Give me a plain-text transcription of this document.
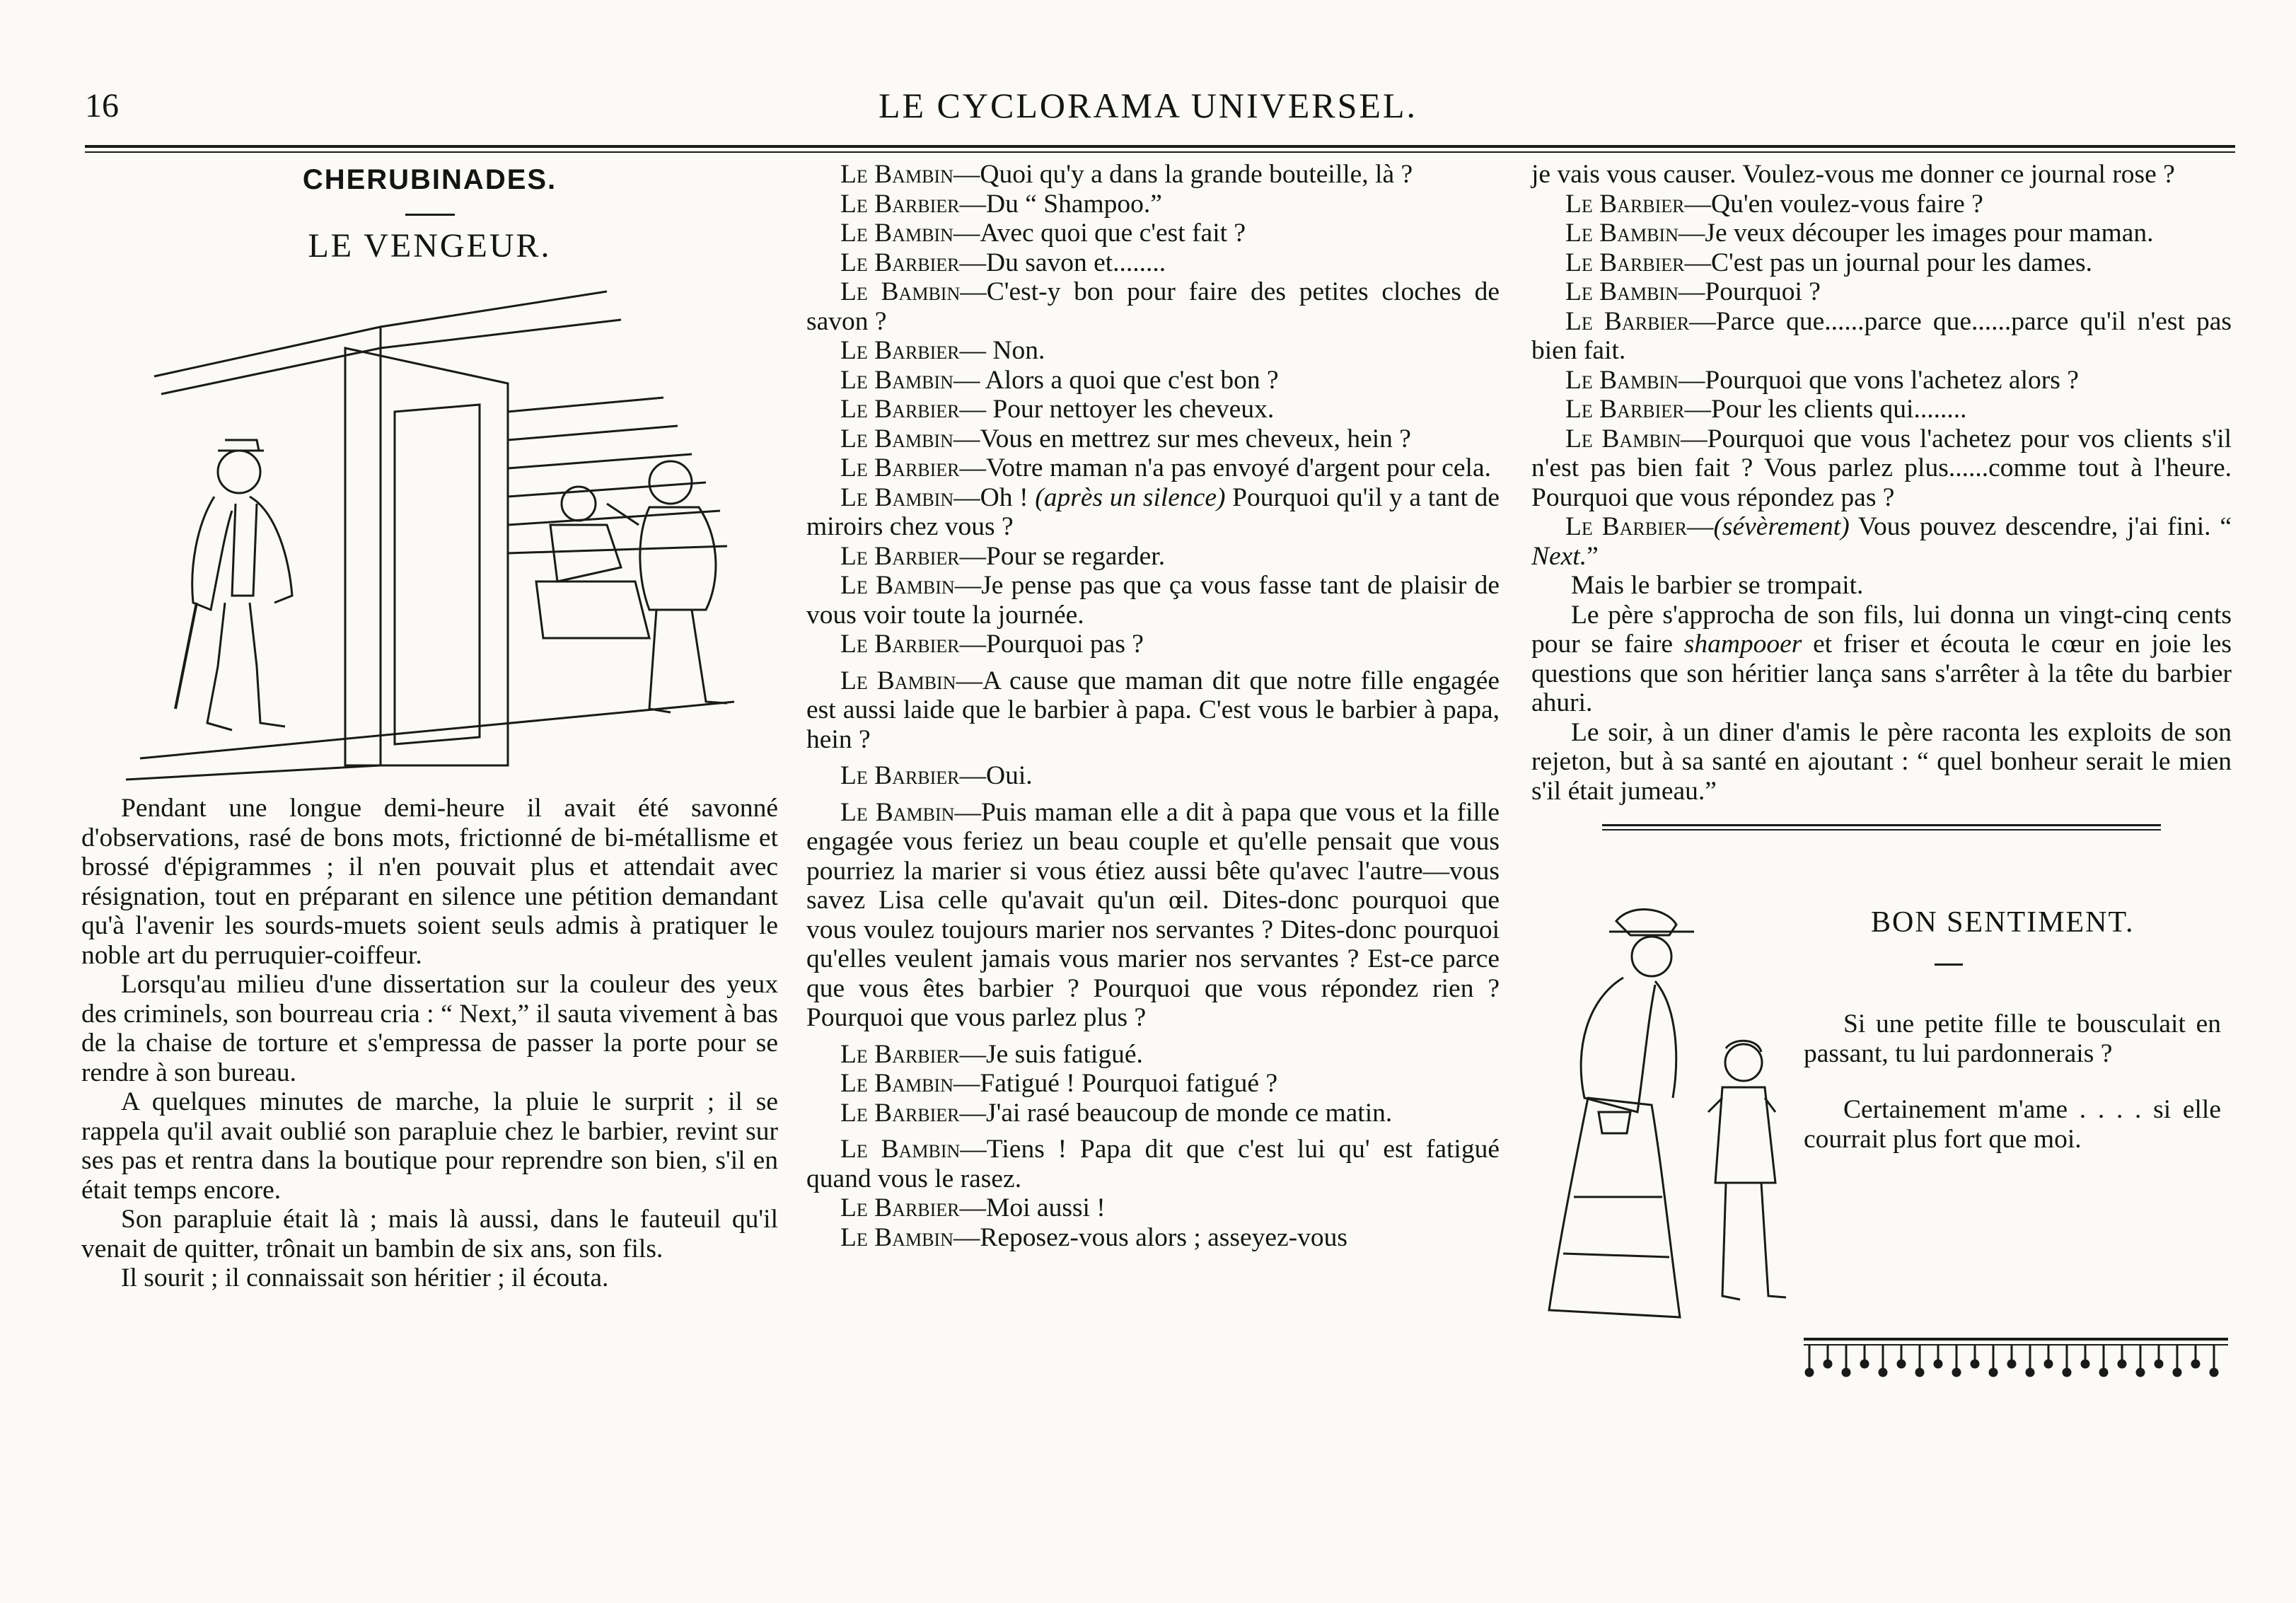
16	LE CYCLORAMA UNIVERSEL.
CHERUBINADES.
LE VENGEUR.

Pendant une longue demi-heure il avait été savonné d'observations, rasé de bons mots, frictionné de bi-métallisme et brossé d'épigrammes ; il n'en pouvait plus et attendait avec résignation, tout en préparant en silence une pétition demandant qu'à l'avenir les sourds-muets soient seuls admis à pratiquer le noble art du perruquier-coiffeur.

Lorsqu'au milieu d'une dissertation sur la couleur des yeux des criminels, son bourreau cria : “ Next,” il sauta vivement à bas de la chaise de torture et s'empressa de passer la porte pour se rendre à son bureau.

A quelques minutes de marche, la pluie le surprit ; il se rappela qu'il avait oublié son parapluie chez le barbier, revint sur ses pas et rentra dans la boutique pour reprendre son bien, s'il en était temps encore.

Son parapluie était là ; mais là aussi, dans le fauteuil qu'il venait de quitter, trônait un bambin de six ans, son fils.

Il sourit ; il connaissait son héritier ; il écouta.

Le Bambin—Quoi qu'y a dans la grande bouteille, là ?

Le Barbier—Du “ Shampoo.”

Le Bambin—Avec quoi que c'est fait ?

Le Barbier—Du savon et........

Le Bambin—C'est-y bon pour faire des petites cloches de savon ?

Le Barbier— Non.

Le Bambin— Alors a quoi que c'est bon ?

Le Barbier— Pour nettoyer les cheveux.

Le Bambin—Vous en mettrez sur mes cheveux, hein ?

Le Barbier—Votre maman n'a pas envoyé d'argent pour cela.

Le Bambin—Oh ! (après un silence) Pourquoi qu'il y a tant de miroirs chez vous ?

Le Barbier—Pour se regarder.

Le Bambin—Je pense pas que ça vous fasse tant de plaisir de vous voir toute la journée.

Le Barbier—Pourquoi pas ?

Le Bambin—A cause que maman dit que notre fille engagée est aussi laide que le barbier à papa. C'est vous le barbier à papa, hein ?

Le Barbier—Oui.

Le Bambin—Puis maman elle a dit à papa que vous et la fille engagée vous feriez un beau couple et qu'elle pensait que vous pourriez la marier si vous étiez aussi bête qu'avec l'autre—vous savez Lisa celle qu'avait qu'un œil. Dites-donc pourquoi que vous voulez toujours marier nos servantes ? Dites-donc pourquoi qu'elles veulent jamais vous marier nos servantes ? Est-ce parce que vous êtes barbier ? Pourquoi que vous répondez rien ? Pourquoi que vous parlez plus ?

Le Barbier—Je suis fatigué.

Le Bambin—Fatigué ! Pourquoi fatigué ?

Le Barbier—J'ai rasé beaucoup de monde ce matin.

Le Bambin—Tiens ! Papa dit que c'est lui qu' est fatigué quand vous le rasez.

Le Barbier—Moi aussi !

Le Bambin—Reposez-vous alors ; asseyez-vous

je vais vous causer. Voulez-vous me donner ce journal rose ?

Le Barbier—Qu'en voulez-vous faire ?

Le Bambin—Je veux découper les images pour maman.

Le Barbier—C'est pas un journal pour les dames.

Le Bambin—Pourquoi ?

Le Barbier—Parce que......parce que......parce qu'il n'est pas bien fait.

Le Bambin—Pourquoi que vons l'achetez alors ?

Le Barbier—Pour les clients qui........

Le Bambin—Pourquoi que vous l'achetez pour vos clients s'il n'est pas bien fait ? Vous parlez plus......comme tout à l'heure. Pourquoi que vous répondez pas ?

Le Barbier—(sévèrement) Vous pouvez descendre, j'ai fini. “ Next.”

Mais le barbier se trompait.

Le père s'approcha de son fils, lui donna un vingt-cinq cents pour se faire shampooer et friser et écouta le cœur en joie les questions que son héritier lança sans s'arrêter à la tête du barbier ahuri.

Le soir, à un diner d'amis le père raconta les exploits de son rejeton, but à sa santé en ajoutant : “ quel bonheur serait le mien s'il était jumeau.”

BON SENTIMENT.

Si une petite fille te bousculait en passant, tu lui pardonnerais ?

Certainement m'ame . . . . si elle courrait plus fort que moi.
